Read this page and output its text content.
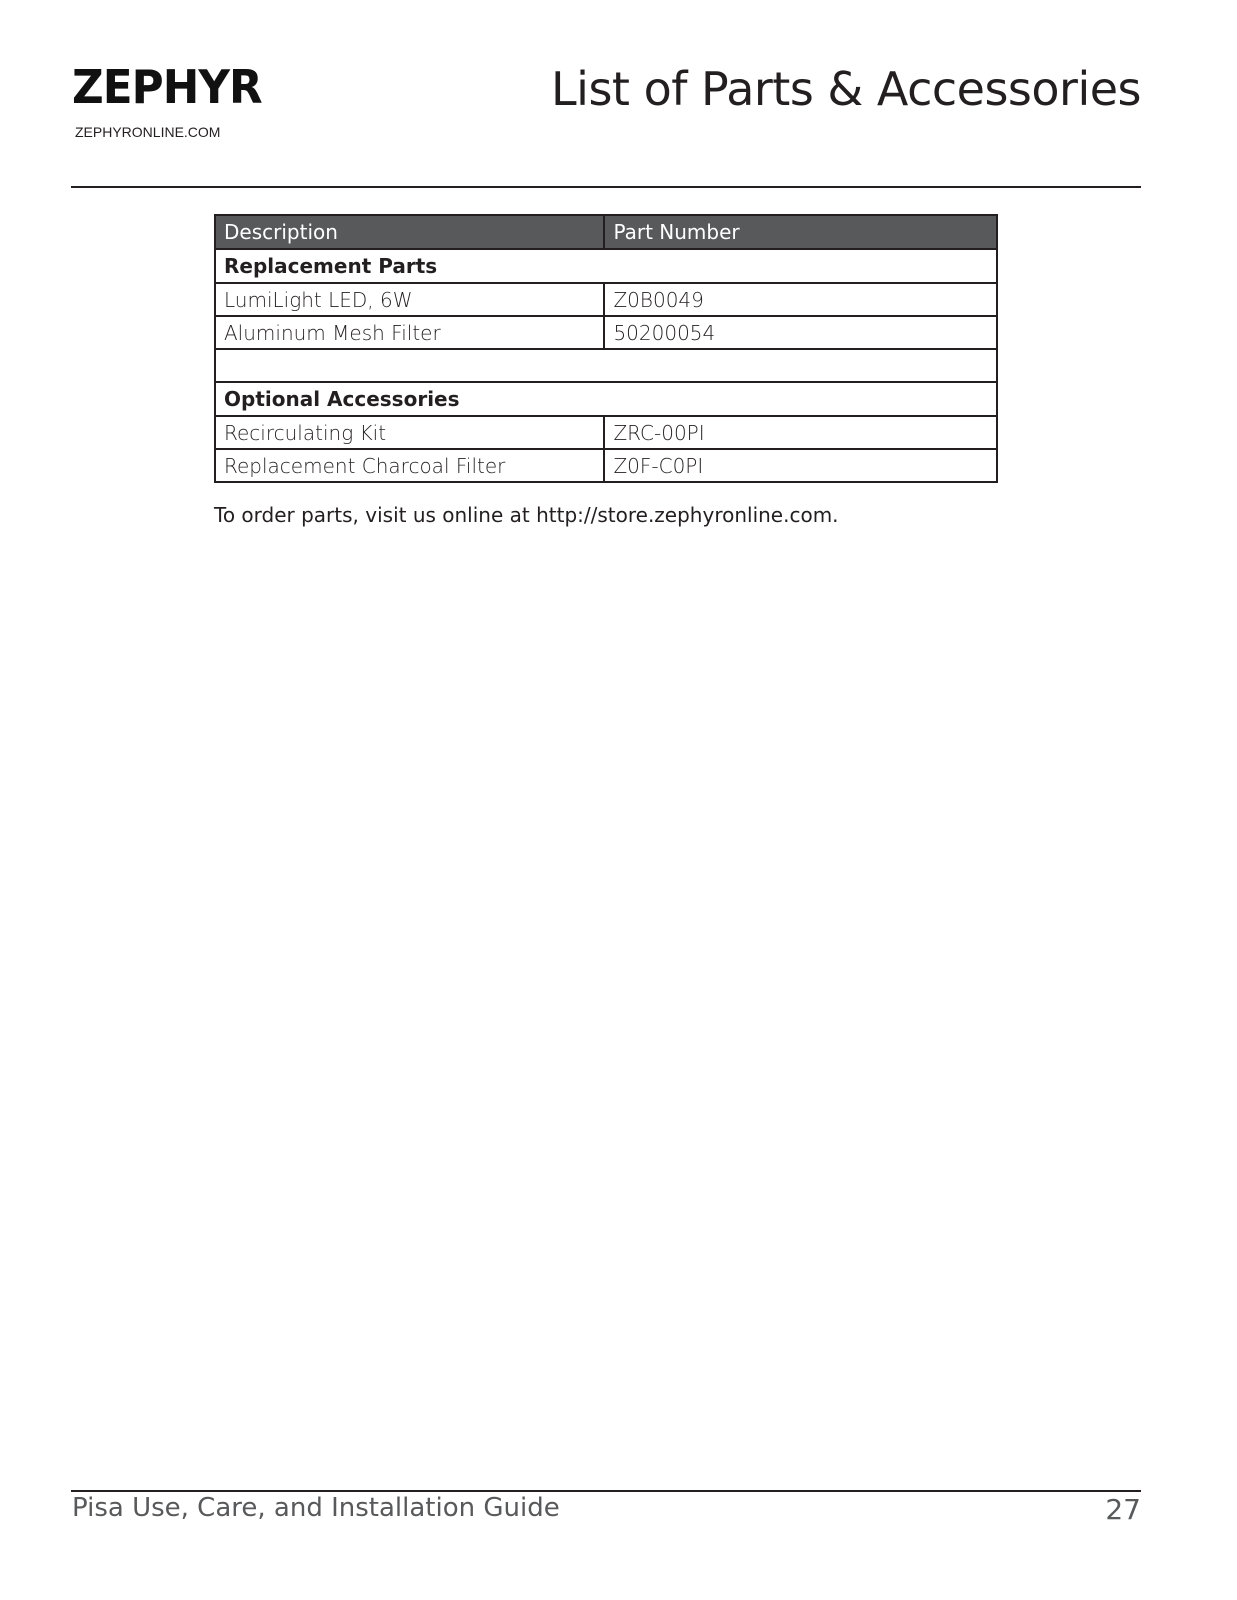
ZEPHYR
ZEPHYRONLINE.COM
List of Parts & Accessories
Description	Part Number
Replacement Parts	
LumiLight LED, 6W	Z0B0049
Aluminum Mesh Filter	50200054

Optional Accessories	
Recirculating Kit	ZRC-00PI
Replacement Charcoal Filter	Z0F-C0PI
To order parts, visit us online at http://store.zephyronline.com.
Pisa Use, Care, and Installation Guide	27
